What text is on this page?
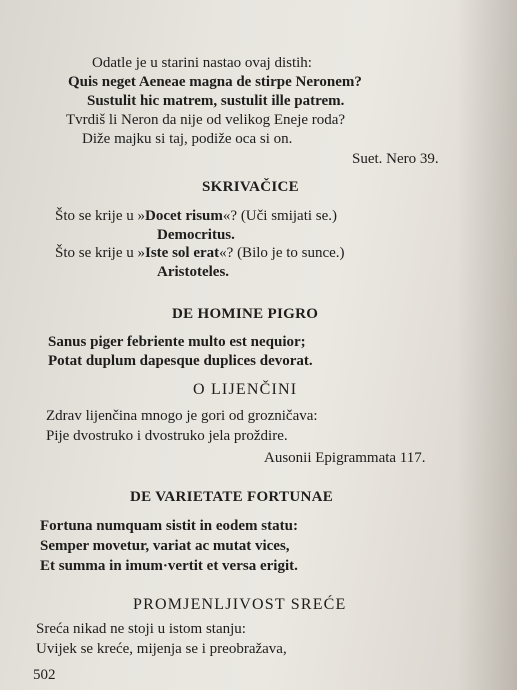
Odatle je u starini nastao ovaj distih:
Quis neget Aeneae magna de stirpe Neronem?
Sustulit hic matrem, sustulit ille patrem.
Tvrdiš li Neron da nije od velikog Eneje roda?
Diže majku si taj, podiže oca si on.
Suet. Nero 39.
SKRIVAČICE
Što se krije u »Docet risum«? (Uči smijati se.)
Democritus.
Što se krije u »Iste sol erat«? (Bilo je to sunce.)
Aristoteles.
DE HOMINE PIGRO
Sanus piger febriente multo est nequior;
Potat duplum dapesque duplices devorat.
O LIJENČINI
Zdrav lijenčina mnogo je gori od grozničava:
Pije dvostruko i dvostruko jela proždire.
Ausonii Epigrammata 117.
DE VARIETATE FORTUNAE
Fortuna numquam sistit in eodem statu:
Semper movetur, variat ac mutat vices,
Et summa in imum·vertit et versa erigit.
PROMJENLJIVOST SREĆE
Sreća nikad ne stoji u istom stanju:
Uvijek se kreće, mijenja se i preobražava,
502
